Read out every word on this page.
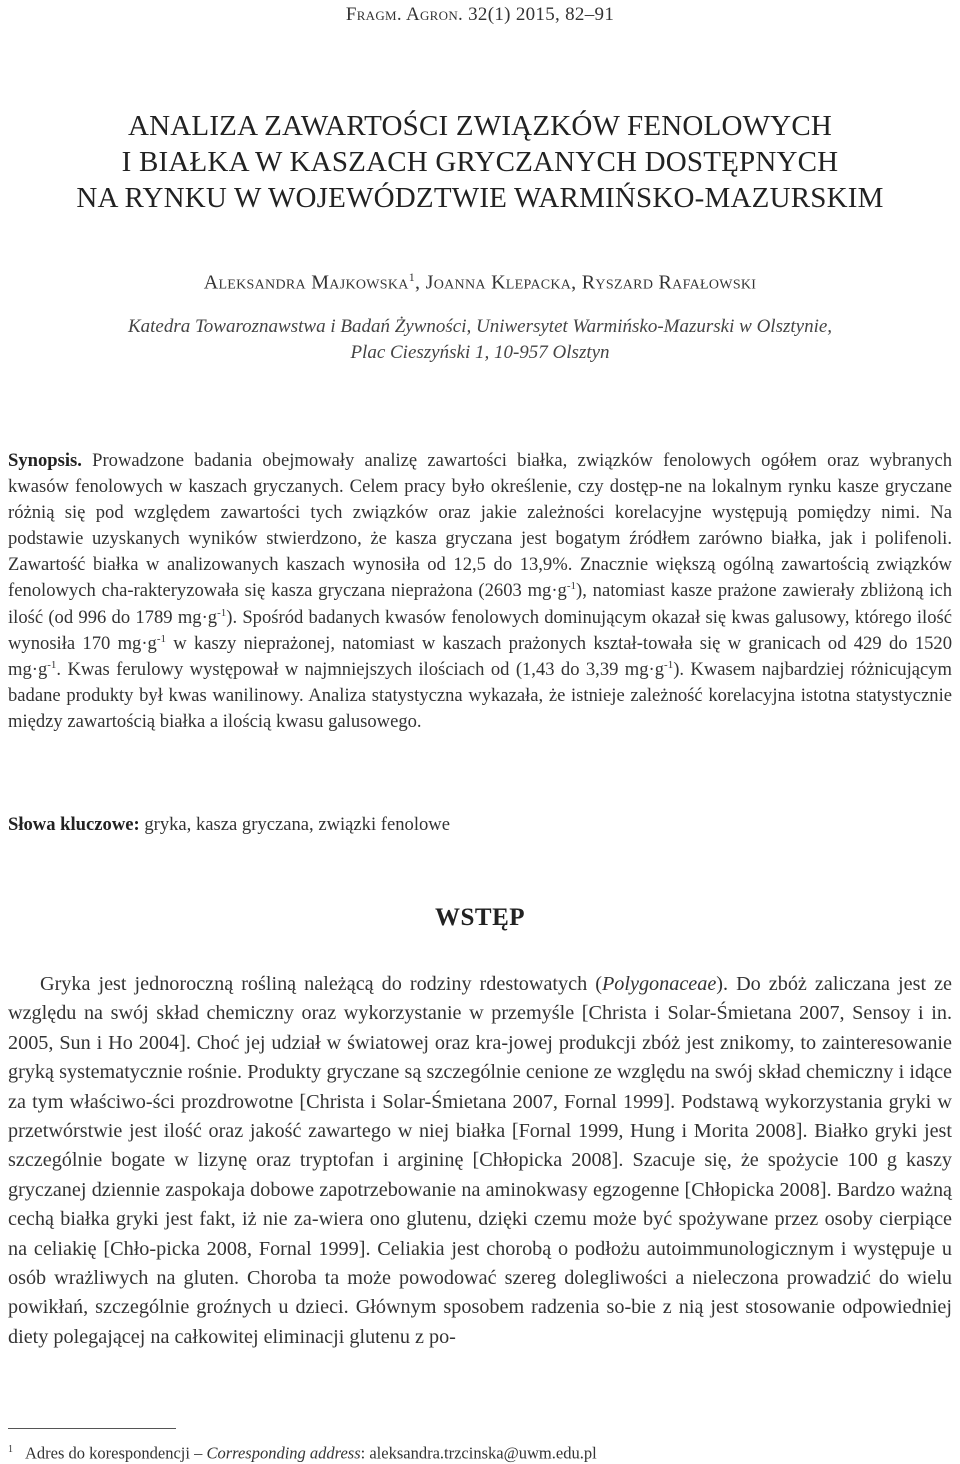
Fragm. Agron. 32(1) 2015, 82–91
ANALIZA ZAWARTOŚCI ZWIĄZKÓW FENOLOWYCH
I BIAŁKA W KASZACH GRYCZANYCH DOSTĘPNYCH
NA RYNKU W WOJEWÓDZTWIE WARMIŃSKO-MAZURSKIM
Aleksandra Majkowska$^1$, Joanna Klepacka, Ryszard Rafałowski
Katedra Towaroznawstwa i Badań Żywności, Uniwersytet Warmińsko-Mazurski w Olsztynie,
Plac Cieszyński 1, 10-957 Olsztyn
Synopsis. Prowadzone badania obejmowały analizę zawartości białka, związków fenolowych ogółem oraz wybranych kwasów fenolowych w kaszach gryczanych. Celem pracy było określenie, czy dostęp-ne na lokalnym rynku kasze gryczane różnią się pod względem zawartości tych związków oraz jakie zależności korelacyjne występują pomiędzy nimi. Na podstawie uzyskanych wyników stwierdzono, że kasza gryczana jest bogatym źródłem zarówno białka, jak i polifenoli. Zawartość białka w analizowanych kaszach wynosiła od 12,5 do 13,9%. Znacznie większą ogólną zawartością związków fenolowych cha-rakteryzowała się kasza gryczana nieprażona (2603 $mg\cdot g^{-1}$), natomiast kasze prażone zawierały zbliżoną ich ilość (od 996 do 1789 $mg\cdot g^{-1}$). Spośród badanych kwasów fenolowych dominującym okazał się kwas galusowy, którego ilość wynosiła 170 $mg\cdot g^{-1}$ w kaszy nieprażonej, natomiast w kaszach prażonych kształ-towała się w granicach od 429 do 1520 $mg\cdot g^{-1}$. Kwas ferulowy występował w najmniejszych ilościach od (1,43 do 3,39 $mg\cdot g^{-1}$). Kwasem najbardziej różnicującym badane produkty był kwas wanilinowy. Analiza statystyczna wykazała, że istnieje zależność korelacyjna istotna statystycznie między zawartością białka a ilością kwasu galusowego.
Słowa kluczowe: gryka, kasza gryczana, związki fenolowe
WSTĘP
Gryka jest jednoroczną rośliną należącą do rodziny rdestowatych (Polygonaceae). Do zbóż zaliczana jest ze względu na swój skład chemiczny oraz wykorzystanie w przemyśle [Christa i Solar-Śmietana 2007, Sensoy i in. 2005, Sun i Ho 2004]. Choć jej udział w światowej oraz kra-jowej produkcji zbóż jest znikomy, to zainteresowanie gryką systematycznie rośnie. Produkty gryczane są szczególnie cenione ze względu na swój skład chemiczny i idące za tym właściwo-ści prozdrowotne [Christa i Solar-Śmietana 2007, Fornal 1999]. Podstawą wykorzystania gryki w przetwórstwie jest ilość oraz jakość zawartego w niej białka [Fornal 1999, Hung i Morita 2008]. Białko gryki jest szczególnie bogate w lizynę oraz tryptofan i argininę [Chłopicka 2008]. Szacuje się, że spożycie 100 g kaszy gryczanej dziennie zaspokaja dobowe zapotrzebowanie na aminokwasy egzogenne [Chłopicka 2008]. Bardzo ważną cechą białka gryki jest fakt, iż nie za-wiera ono glutenu, dzięki czemu może być spożywane przez osoby cierpiące na celiakię [Chło-picka 2008, Fornal 1999]. Celiakia jest chorobą o podłożu autoimmunologicznym i występuje u osób wrażliwych na gluten. Choroba ta może powodować szereg dolegliwości a nieleczona prowadzić do wielu powikłań, szczególnie groźnych u dzieci. Głównym sposobem radzenia so-bie z nią jest stosowanie odpowiedniej diety polegającej na całkowitej eliminacji glutenu z po-
$^1$ Adres do korespondencji – Corresponding address: aleksandra.trzcinska@uwm.edu.pl
